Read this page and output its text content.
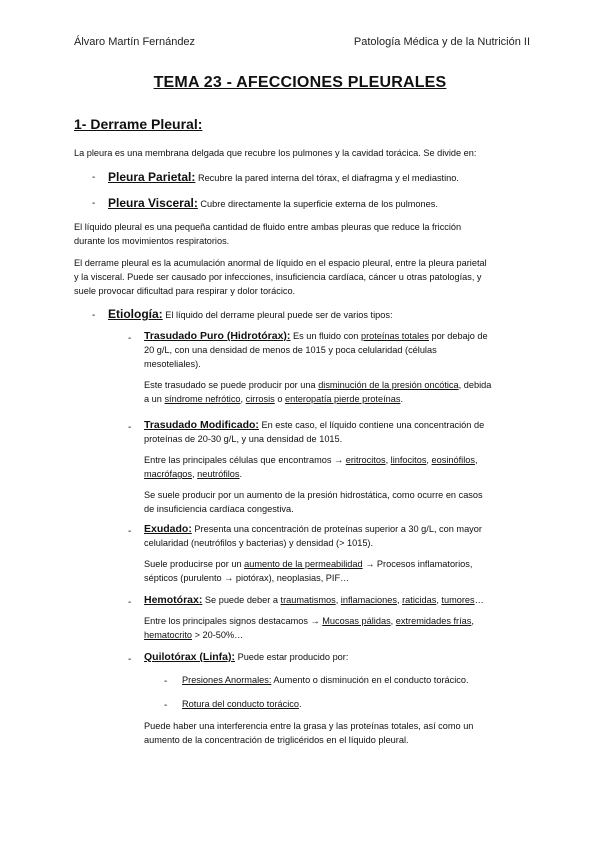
Álvaro Martín Fernández	Patología Médica y de la Nutrición II
TEMA 23 - AFECCIONES PLEURALES
1- Derrame Pleural:
La pleura es una membrana delgada que recubre los pulmones y la cavidad torácica. Se divide en:
- Pleura Parietal: Recubre la pared interna del tórax, el diafragma y el mediastino.
- Pleura Visceral: Cubre directamente la superficie externa de los pulmones.
El líquido pleural es una pequeña cantidad de fluido entre ambas pleuras que reduce la fricción
durante los movimientos respiratorios.
El derrame pleural es la acumulación anormal de líquido en el espacio pleural, entre la pleura parietal
y la visceral. Puede ser causado por infecciones, insuficiencia cardíaca, cáncer u otras patologías, y
suele provocar dificultad para respirar y dolor torácico.
- Etiología: El líquido del derrame pleural puede ser de varios tipos:
- Trasudado Puro (Hidrotórax): Es un fluido con proteínas totales por debajo de
20 g/L, con una densidad de menos de 1015 y poca celularidad (células
mesoteliales).
Este trasudado se puede producir por una disminución de la presión oncótica, debida
a un síndrome nefrótico, cirrosis o enteropatía pierde proteínas.
- Trasudado Modificado: En este caso, el líquido contiene una concentración de
proteínas de 20-30 g/L, y una densidad de 1015.
Entre las principales células que encontramos → eritrocitos, linfocitos, eosinófilos,
macrófagos, neutrófilos.
Se suele producir por un aumento de la presión hidrostática, como ocurre en casos
de insuficiencia cardíaca congestiva.
- Exudado: Presenta una concentración de proteínas superior a 30 g/L, con mayor
celularidad (neutrófilos y bacterias) y densidad (> 1015).
Suele producirse por un aumento de la permeabilidad → Procesos inflamatorios,
sépticos (purulento → piotórax), neoplasias, PIF…
- Hemotórax: Se puede deber a traumatismos, inflamaciones, raticidas, tumores…
Entre los principales signos destacamos → Mucosas pálidas, extremidades frías,
hematocrito > 20-50%…
- Quilotórax (Linfa): Puede estar producido por:
- Presiones Anormales: Aumento o disminución en el conducto torácico.
- Rotura del conducto torácico.
Puede haber una interferencia entre la grasa y las proteínas totales, así como un
aumento de la concentración de triglicéridos en el líquido pleural.
